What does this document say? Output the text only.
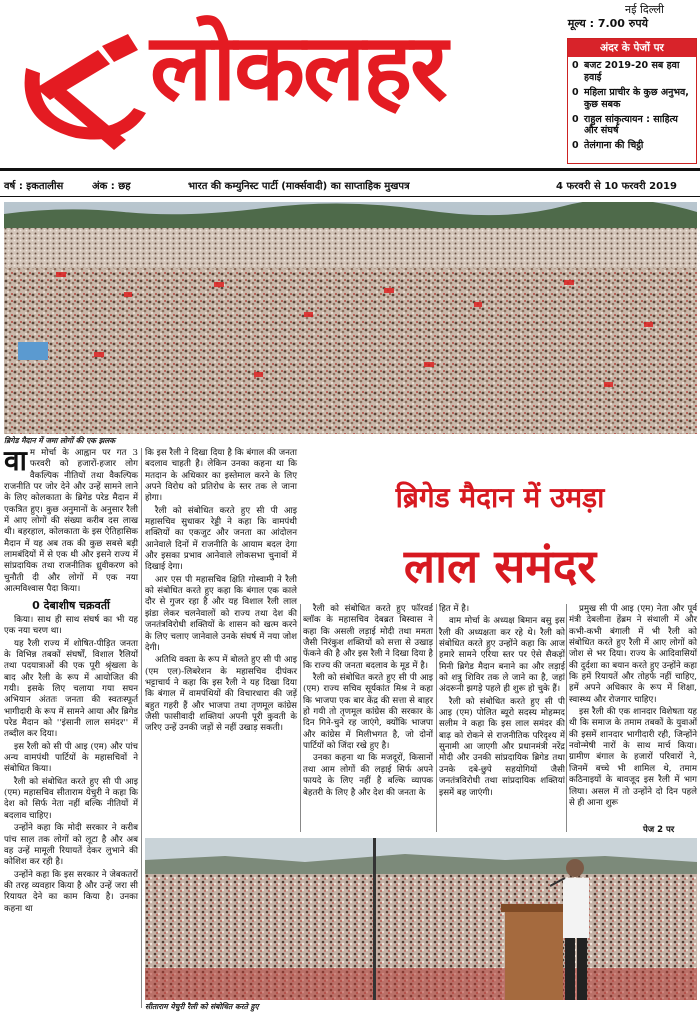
लोकलहर
नई दिल्ली
मूल्य : 7.00 रुपये
अंदर के पेजों पर
0 बजट 2019-20 सब हवा हवाई
0 महिला प्राचीर के कुछ अनुभव, कुछ सबक
0 राहुल सांकृत्यायन : साहित्य और संघर्ष
0 तेलंगाना की चिट्ठी
वर्ष : इकतालीस	अंक : छह	भारत की कम्युनिस्ट पार्टी (मार्क्सवादी) का साप्ताहिक मुखपत्र	4 फरवरी से 10 फरवरी 2019
ब्रिगेड मैदान में जमा लोगों की एक झलक
ब्रिगेड मैदान में उमड़ा
लाल समंदर

वाम मोर्चा के आह्वान पर गत 3 फरवरी को हजारों-हजार लोग वैकल्पिक नीतियों तथा वैकल्पिक राजनीति पर जोर देने और उन्हें सामने लाने के लिए कोलकाता के ब्रिगेड परेड मैदान में एकत्रित हुए। कुछ अनुमानों के अनुसार रैली में आए लोगों की संख्या करीब दस लाख थी। बहरहाल, कोलकाता के इस ऐतिहासिक मैदान में यह अब तक की कुछ सबसे बड़ी लामबंदियों में से एक थी और इसने राज्य में सांप्रदायिक तथा राजनीतिक ध्रुवीकरण को चुनौती दी और लोगों में एक नया आत्मविश्वास पैदा किया।

0 देबाशीष चक्रवर्ती

किया। साथ ही साथ संघर्ष का भी यह एक नया चरण था।

यह रैली राज्य में शोषित-पीड़ित जनता के विभिन्न तबकों संघर्षों, विशाल रैलियों तथा पदयात्राओं की एक पूरी श्रृंखला के बाद और रैली के रूप में आयोजित की गयी। इसके लिए चलाया गया सघन अभियान अंततः जनता की स्वतःस्फूर्त भागीदारी के रूप में सामने आया और ब्रिगेड परेड मैदान को ''इंसानी लाल समंदर'' में तब्दील कर दिया।

इस रैली को सी पी आइ (एम) और पांच अन्य वामपंथी पार्टियों के महासचिवों ने संबोधित किया।

रैली को संबोधित करते हुए सी पी आइ (एम) महासचिव सीताराम येचुरी ने कहा कि देश को सिर्फ नेता नहीं बल्कि नीतियों में बदलाव चाहिए।

उन्होंने कहा कि मोदी सरकार ने करीब पांच साल तक लोगों को लूटा है और अब वह उन्हें मामूली रियायतें देकर लुभाने की कोशिश कर रही है।

उन्होंने कहा कि इस सरकार ने जेबकतरों की तरह व्यवहार किया है और उन्हें जरा सी रियायत देने का काम किया है। उनका कहना था

कि इस रैली ने दिखा दिया है कि बंगाल की जनता बदलाव चाहती है। लेकिन उनका कहना था कि मतदान के अधिकार का इस्तेमाल करने के लिए अपने विरोध को प्रतिरोध के स्तर तक ले जाना होगा।

रैली को संबोधित करते हुए सी पी आइ महासचिव सुधाकर रेड्डी ने कहा कि वामपंथी शक्तियों का एकजुट और जनता का आंदोलन आनेवाले दिनों में राजनीति के आयाम बदल देगा और इसका प्रभाव आनेवाले लोकसभा चुनावों में दिखाई देगा।

आर एस पी महासचिव क्षिति गोस्वामी ने रैली को संबोधित करते हुए कहा कि बंगाल एक काले दौर से गुजर रहा है और यह विशाल रैली लाल झंडा लेकर चलनेवालों को राज्य तथा देश की जनतंत्रविरोधी शक्तियों के शासन को खत्म करने के लिए चलाए जानेवाले उनके संघर्ष में नया जोश देगी।

अतिथि वक्ता के रूप में बोलते हुए सी पी आइ (एम एल)-लिबरेशन के महासचिव दीपंकर भट्टाचार्य ने कहा कि इस रैली ने यह दिखा दिया कि बंगाल में वामपंथियों की विचारधारा की जड़ें बहुत गहरी हैं और भाजपा तथा तृणमूल कांग्रेस जैसी फासीवादी शक्तियां अपनी पूरी कुवती के जरिए उन्हें उनकी जड़ों से नहीं उखाड़ सकती।

रैली को संबोधित करते हुए फॉरवर्ड ब्लॉक के महासचिव देबब्रत बिस्वास ने कहा कि असली लड़ाई मोदी तथा ममता जैसी निरंकुश शक्तियों को सत्ता से उखाड़ फेंकने की है और इस रैली ने दिखा दिया है कि राज्य की जनता बदलाव के मूड में है।

रैली को संबोधित करते हुए सी पी आइ (एम) राज्य सचिव सूर्यकांत मिश्र ने कहा कि भाजपा एक बार केंद्र की सत्ता से बाहर हो गयी तो तृणमूल कांग्रेस की सरकार के दिन गिने-चुने रह जाएंगे, क्योंकि भाजपा और कांग्रेस में मिलीभगत है, जो दोनों पार्टियों को जिंदा रखे हुए है।

उनका कहना था कि मजदूरों, किसानों तथा आम लोगों की लड़ाई सिर्फ अपने फायदे के लिए नहीं है बल्कि व्यापक बेहतरी के लिए है और देश की जनता के

हित में है।

वाम मोर्चा के अध्यक्ष बिमान बसु इस रैली की अध्यक्षता कर रहे थे। रैली को संबोधित करते हुए उन्होंने कहा कि आज हमारे सामने एरिया स्तर पर ऐसे सैकड़ों मिनी ब्रिगेड मैदान बनाने का और लड़ाई को शत्रु शिविर तक ले जाने का है, जहां अंदरूनी झगड़े पहले ही शुरू हो चुके हैं।

रैली को संबोधित करते हुए सी पी आइ (एम) पोलित ब्यूरो सदस्य मोहम्मद सलीम ने कहा कि इस लाल समंदर की बाढ़ को रोकने से राजनीतिक परिदृश्य में सुनामी आ जाएगी और प्रधानमंत्री नरेंद्र मोदी और उनकी सांप्रदायिक ब्रिगेड तथा उनके दबे-छुपे सहयोगियों जैसी जनतंत्रविरोधी तथा सांप्रदायिक शक्तियां इसमें बह जाएंगी।

प्रमुख सी पी आइ (एम) नेता और पूर्व मंत्री देबलीना हेंब्रम ने संथाली में और कभी-कभी बंगाली में भी रैली को संबोधित करते हुए रैली में आए लोगों को जोश से भर दिया। राज्य के आदिवासियों की दुर्दशा का बयान करते हुए उन्होंने कहा कि हमें रियायतें और तोहफे नहीं चाहिए, हमें अपने अधिकार के रूप में शिक्षा, स्वास्थ्य और रोजगार चाहिए।

इस रैली की एक शानदार विशेषता यह थी कि समाज के तमाम तबकों के युवाओं की इसमें शानदार भागीदारी रही, जिन्होंने नवोन्मेषी नारों के साथ मार्च किया। ग्रामीण बंगाल के हजारों परिवारों ने, जिनमें बच्चे भी शामिल थे, तमाम कठिनाइयों के बावजूद इस रैली में भाग लिया। असल में तो उन्होंने दो दिन पहले से ही आना शुरू

पेज 2 पर
सीताराम येचुरी रैली को संबोधित करते हुए
